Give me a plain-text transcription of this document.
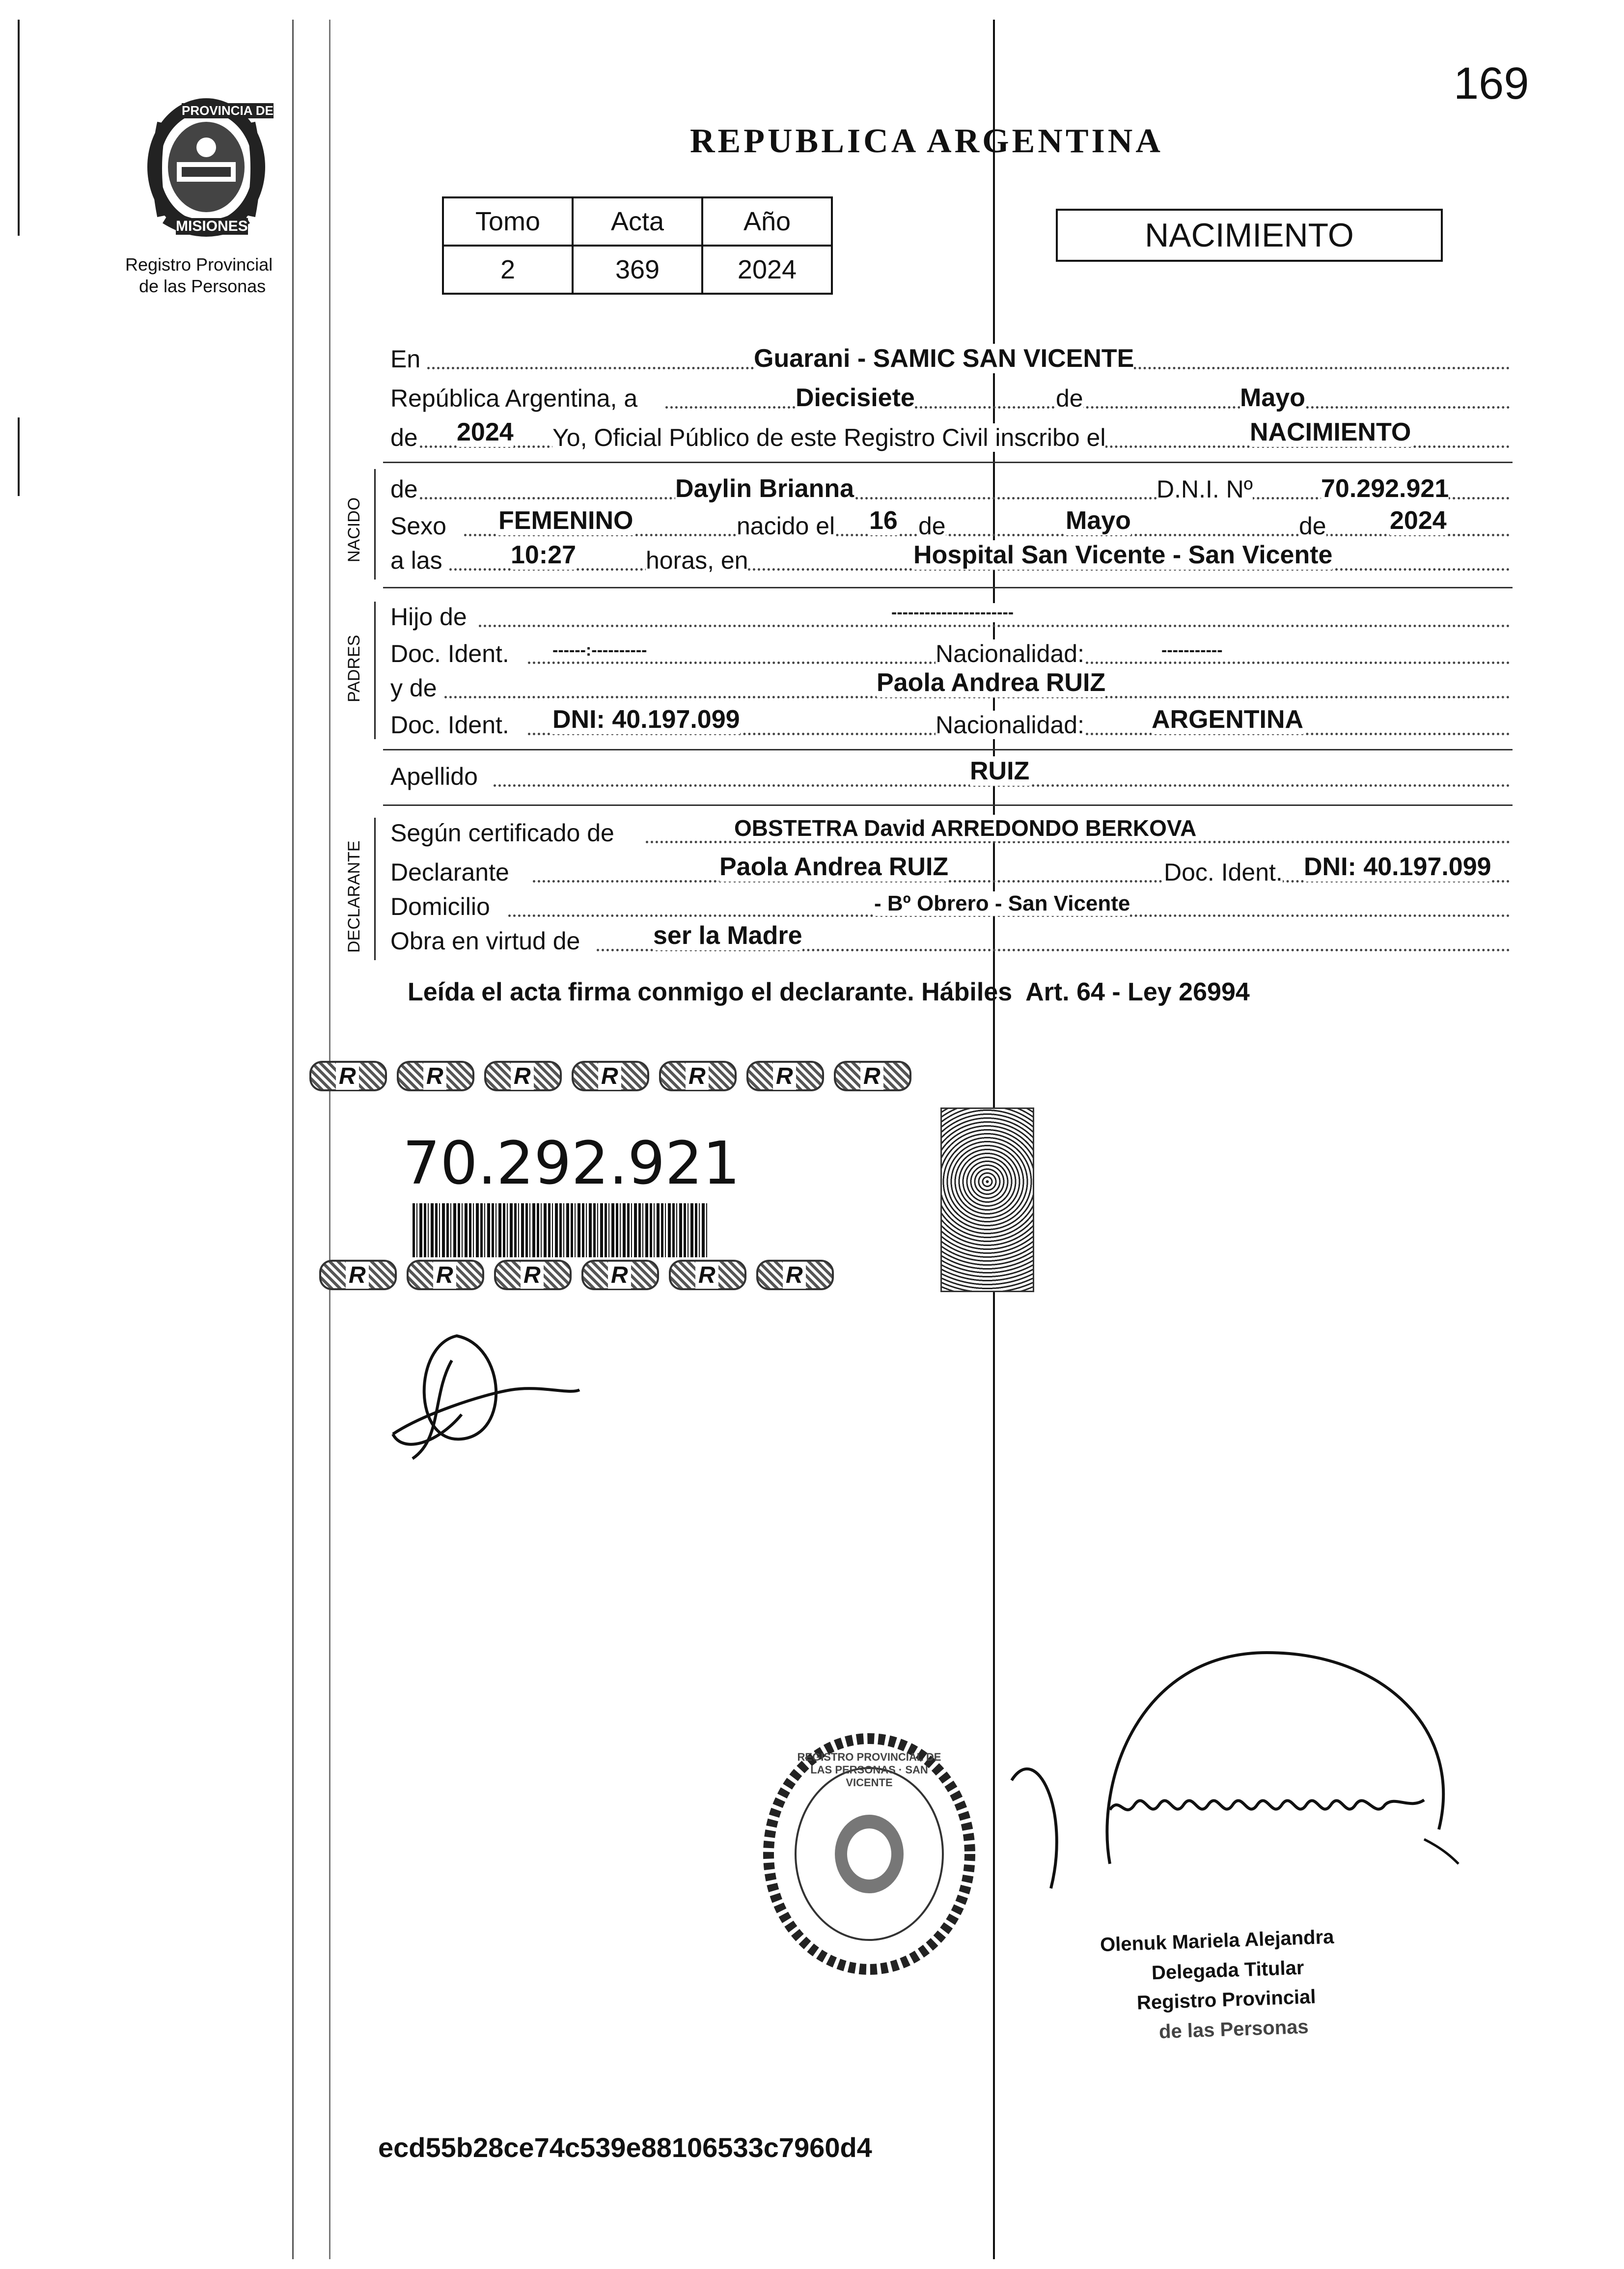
169
PROVINCIA DE
MISIONES
Registro Provincial
de las Personas
REPUBLICA ARGENTINA
Tomo	Acta	Año
2	369	2024
NACIMIENTO
En	Guarani - SAMIC SAN VICENTE
República Argentina, a	Diecisiete	de	Mayo
de 2024 Yo, Oficial Público de este Registro Civil inscribo el	NACIMIENTO
NACIDO
de	Daylin Brianna	D.N.I. Nº	70.292.921
Sexo FEMENINO	nacido el 16 de	Mayo	de 2024
a las	10:27	horas, en	Hospital San Vicente - San Vicente
PADRES
Hijo de	----------------------
Doc. Ident.	------:----------	Nacionalidad:	-----------
y de	Paola Andrea RUIZ
Doc. Ident. DNI: 40.197.099	Nacionalidad:	ARGENTINA
Apellido	RUIZ
DECLARANTE
Según certificado de	OBSTETRA David ARREDONDO BERKOVA
Declarante	Paola Andrea RUIZ	Doc. Ident. DNI: 40.197.099
Domicilio	- Bº Obrero - San Vicente
Obra en virtud de	ser la Madre
Leída el acta firma conmigo el declarante. Hábiles  Art. 64 - Ley 26994
R	R	R	R	R	R	R
70.292.921
R	R	R	R	R	R
REGISTRO PROVINCIAL DE LAS PERSONAS · SAN VICENTE
Olenuk Mariela Alejandra
Delegada Titular
Registro Provincial
de las Personas
ecd55b28ce74c539e88106533c7960d4
